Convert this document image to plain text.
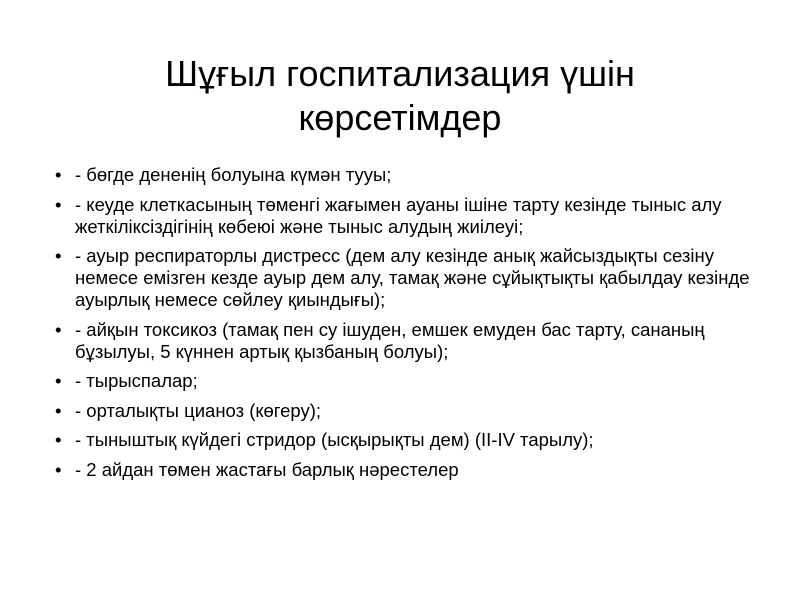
Шұғыл госпитализация үшін
көрсетімдер
• - бөгде дененің болуына күмән тууы;
• - кеуде клеткасының төменгі жағымен ауаны ішіне тарту кезінде тыныс алу жеткіліксіздігінің көбеюі және тыныс алудың жиілеуі;
• - ауыр респираторлы дистресс (дем алу кезінде анық жайсыздықты сезіну немесе емізген кезде ауыр дем алу, тамақ және сұйықтықты қабылдау кезінде ауырлық немесе сөйлеу қиындығы);
• - айқын токсикоз (тамақ пен су ішуден, емшек емуден бас тарту, сананың бұзылуы, 5 күннен артық қызбаның болуы);
• - тырыспалар;
• - орталықты цианоз (көгеру);
• - тыныштық күйдегі стридор (ысқырықты дем) (II-IV тарылу);
• - 2 айдан төмен жастағы барлық нәрестелер
